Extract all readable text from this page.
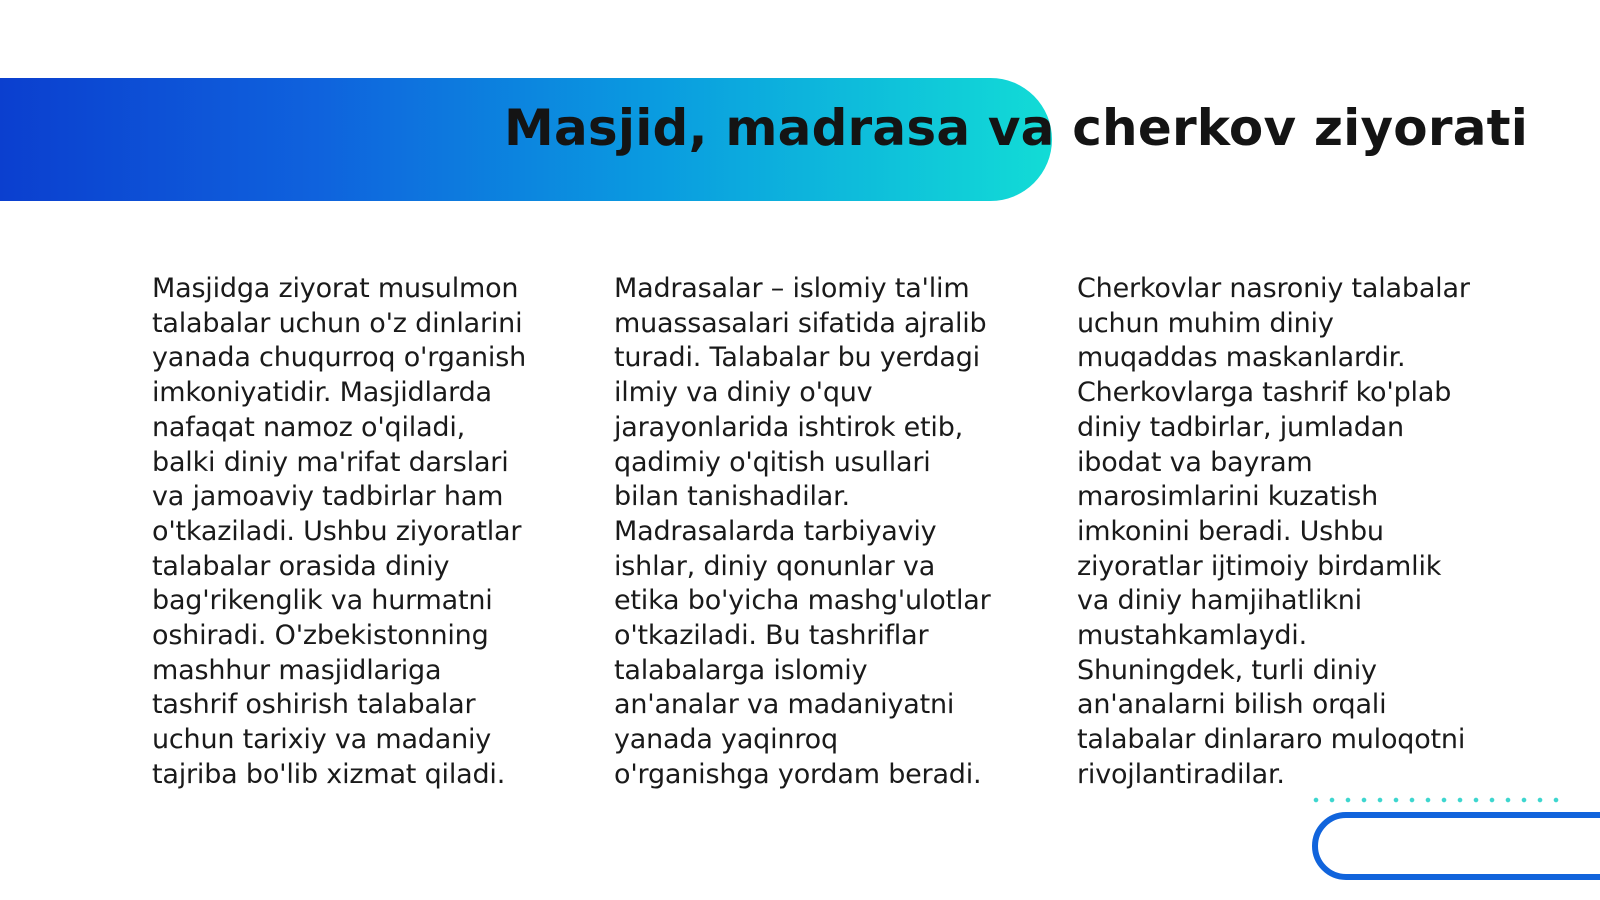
Masjid, madrasa va cherkov ziyorati

Masjidga ziyorat musulmon talabalar uchun o'z dinlarini yanada chuqurroq o'rganish imkoniyatidir. Masjidlarda nafaqat namoz o'qiladi, balki diniy ma'rifat darslari va jamoaviy tadbirlar ham o'tkaziladi. Ushbu ziyoratlar talabalar orasida diniy bag'rikenglik va hurmatni oshiradi. O'zbekistonning mashhur masjidlariga tashrif oshirish talabalar uchun tarixiy va madaniy tajriba bo'lib xizmat qiladi.

Madrasalar – islomiy ta'lim muassasalari sifatida ajralib turadi. Talabalar bu yerdagi ilmiy va diniy o'quv jarayonlarida ishtirok etib, qadimiy o'qitish usullari bilan tanishadilar. Madrasalarda tarbiyaviy ishlar, diniy qonunlar va etika bo'yicha mashg'ulotlar o'tkaziladi. Bu tashriflar talabalarga islomiy an'analar va madaniyatni yanada yaqinroq o'rganishga yordam beradi.

Cherkovlar nasroniy talabalar uchun muhim diniy muqaddas maskanlardir. Cherkovlarga tashrif ko'plab diniy tadbirlar, jumladan ibodat va bayram marosimlarini kuzatish imkonini beradi. Ushbu ziyoratlar ijtimoiy birdamlik va diniy hamjihatlikni mustahkamlaydi. Shuningdek, turli diniy an'analarni bilish orqali talabalar dinlararo muloqotni rivojlantiradilar.
